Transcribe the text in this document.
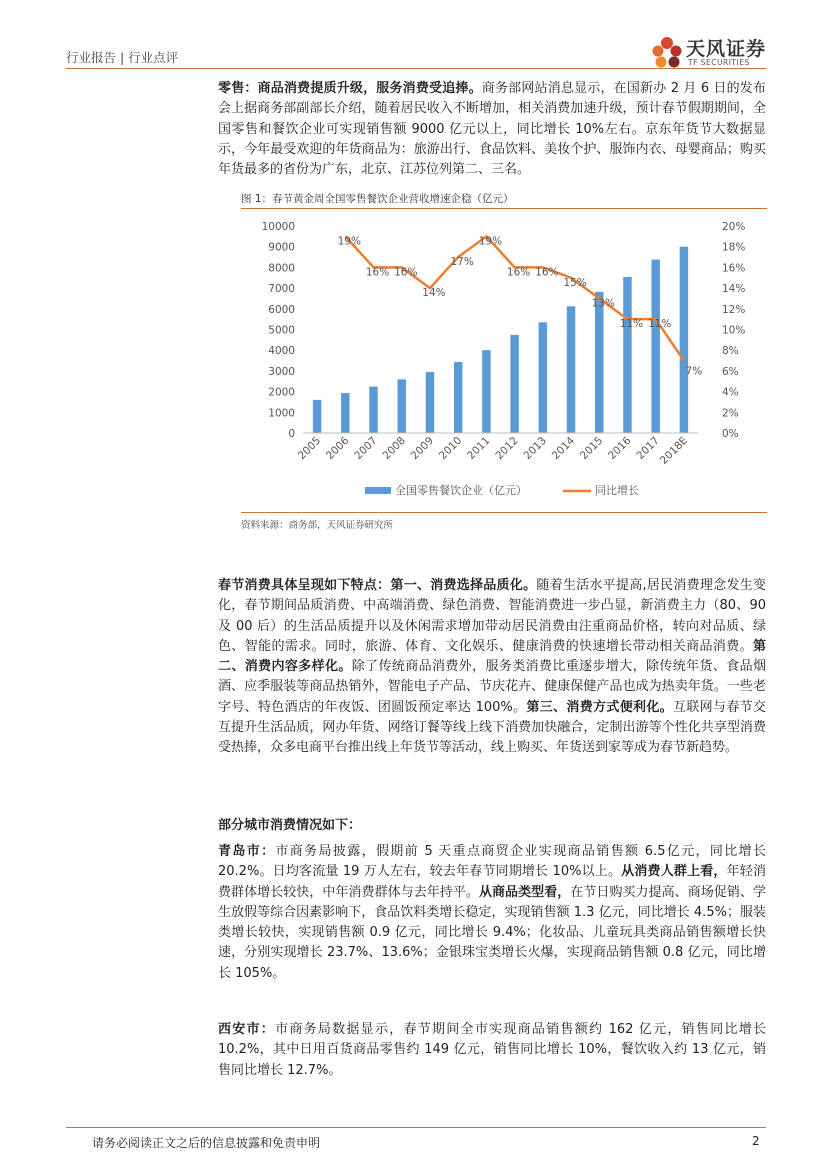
行业报告 | 行业点评	天风证券
TF SECURITIES
零售：商品消费提质升级，服务消费受追捧。商务部网站消息显示，在国新办 2 月 6 日的发布会上据商务部副部长介绍，随着居民收入不断增加，相关消费加速升级，预计春节假期期间，全国零售和餐饮企业可实现销售额 9000 亿元以上，同比增长 10%左右。京东年货节大数据显示，今年最受欢迎的年货商品为：旅游出行、食品饮料、美妆个护、服饰内衣、母婴商品；购买年货最多的省份为广东，北京、江苏位列第二、三名。
图 1：春节黄金周全国零售餐饮企业营收增速企稳（亿元）
19%
16% 16%
14%
17%
19%
16% 16%
15%
13%
11% 11%
7%
0
1000
2000
3000
4000
5000
6000
7000
8000
9000
10000
0%
2%
4%
6%
8%
10%
12%
14%
16%
18%
20%
2005 2006 2007 2008 2009 2010 2011 2012 2013 2014 2015 2016 2017
2018E
全国零售餐饮企业（亿元）	同比增长
资料来源：商务部，天风证券研究所
春节消费具体呈现如下特点：第一、消费选择品质化。随着生活水平提高,居民消费理念发生变化，春节期间品质消费、中高端消费、绿色消费、智能消费进一步凸显，新消费主力（80、90 及 00 后）的生活品质提升以及休闲需求增加带动居民消费由注重商品价格，转向对品质、绿色、智能的需求。同时，旅游、体育、文化娱乐、健康消费的快速增长带动相关商品消费。第二、消费内容多样化。除了传统商品消费外，服务类消费比重逐步增大，除传统年货、食品烟酒、应季服装等商品热销外，智能电子产品、节庆花卉、健康保健产品也成为热卖年货。一些老字号、特色酒店的年夜饭、团圆饭预定率达 100%。第三、消费方式便利化。互联网与春节交互提升生活品质，网办年货、网络订餐等线上线下消费加快融合，定制出游等个性化共享型消费受热捧，众多电商平台推出线上年货节等活动，线上购买、年货送到家等成为春节新趋势。
部分城市消费情况如下：
青岛市：市商务局披露，假期前 5 天重点商贸企业实现商品销售额 6.5亿元，同比增长 20.2%。日均客流量 19 万人左右，较去年春节同期增长 10%以上。从消费人群上看，年轻消费群体增长较快，中年消费群体与去年持平。从商品类型看，在节日购买力提高、商场促销、学生放假等综合因素影响下，食品饮料类增长稳定，实现销售额 1.3 亿元，同比增长 4.5%；服装类增长较快，实现销售额 0.9 亿元，同比增长 9.4%；化妆品、儿童玩具类商品销售额增长快速，分别实现增长 23.7%、13.6%；金银珠宝类增长火爆，实现商品销售额 0.8 亿元，同比增长 105%。
西安市：市商务局数据显示，春节期间全市实现商品销售额约 162 亿元，销售同比增长 10.2%，其中日用百货商品零售约 149 亿元，销售同比增长 10%，餐饮收入约 13 亿元，销售同比增长 12.7%。
请务必阅读正文之后的信息披露和免责申明	2
